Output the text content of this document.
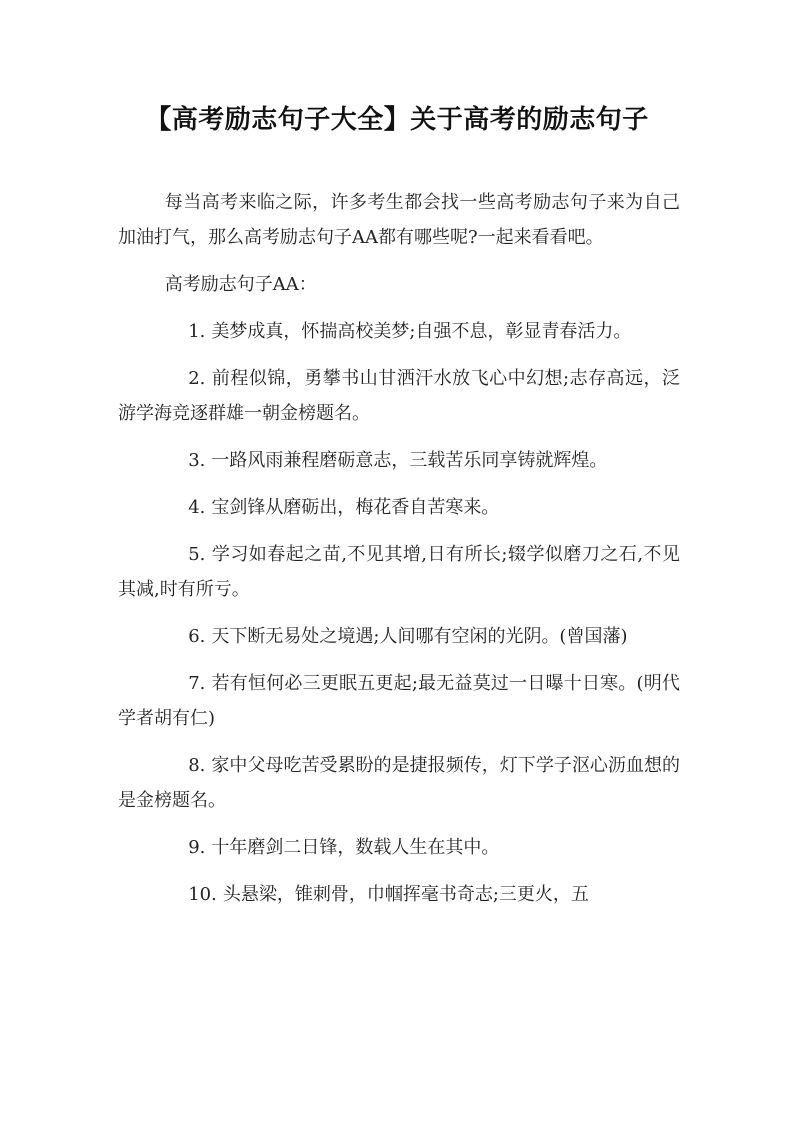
【高考励志句子大全】关于高考的励志句子

每当高考来临之际，许多考生都会找一些高考励志句子来为自己加油打气，那么高考励志句子AA都有哪些呢?一起来看看吧。

高考励志句子AA：

1. 美梦成真，怀揣高校美梦;自强不息，彰显青春活力。

2. 前程似锦，勇攀书山甘洒汗水放飞心中幻想;志存高远，泛游学海竞逐群雄一朝金榜题名。

3. 一路风雨兼程磨砺意志，三载苦乐同享铸就辉煌。

4. 宝剑锋从磨砺出，梅花香自苦寒来。

5. 学习如春起之苗,不见其增,日有所长;辍学似磨刀之石,不见其减,时有所亏。

6. 天下断无易处之境遇;人间哪有空闲的光阴。(曾国藩)

7. 若有恒何必三更眠五更起;最无益莫过一日曝十日寒。(明代学者胡有仁)

8. 家中父母吃苦受累盼的是捷报频传，灯下学子沤心沥血想的是金榜题名。

9. 十年磨剑二日锋，数载人生在其中。

10. 头悬梁，锥刺骨，巾帼挥毫书奇志;三更火，五
